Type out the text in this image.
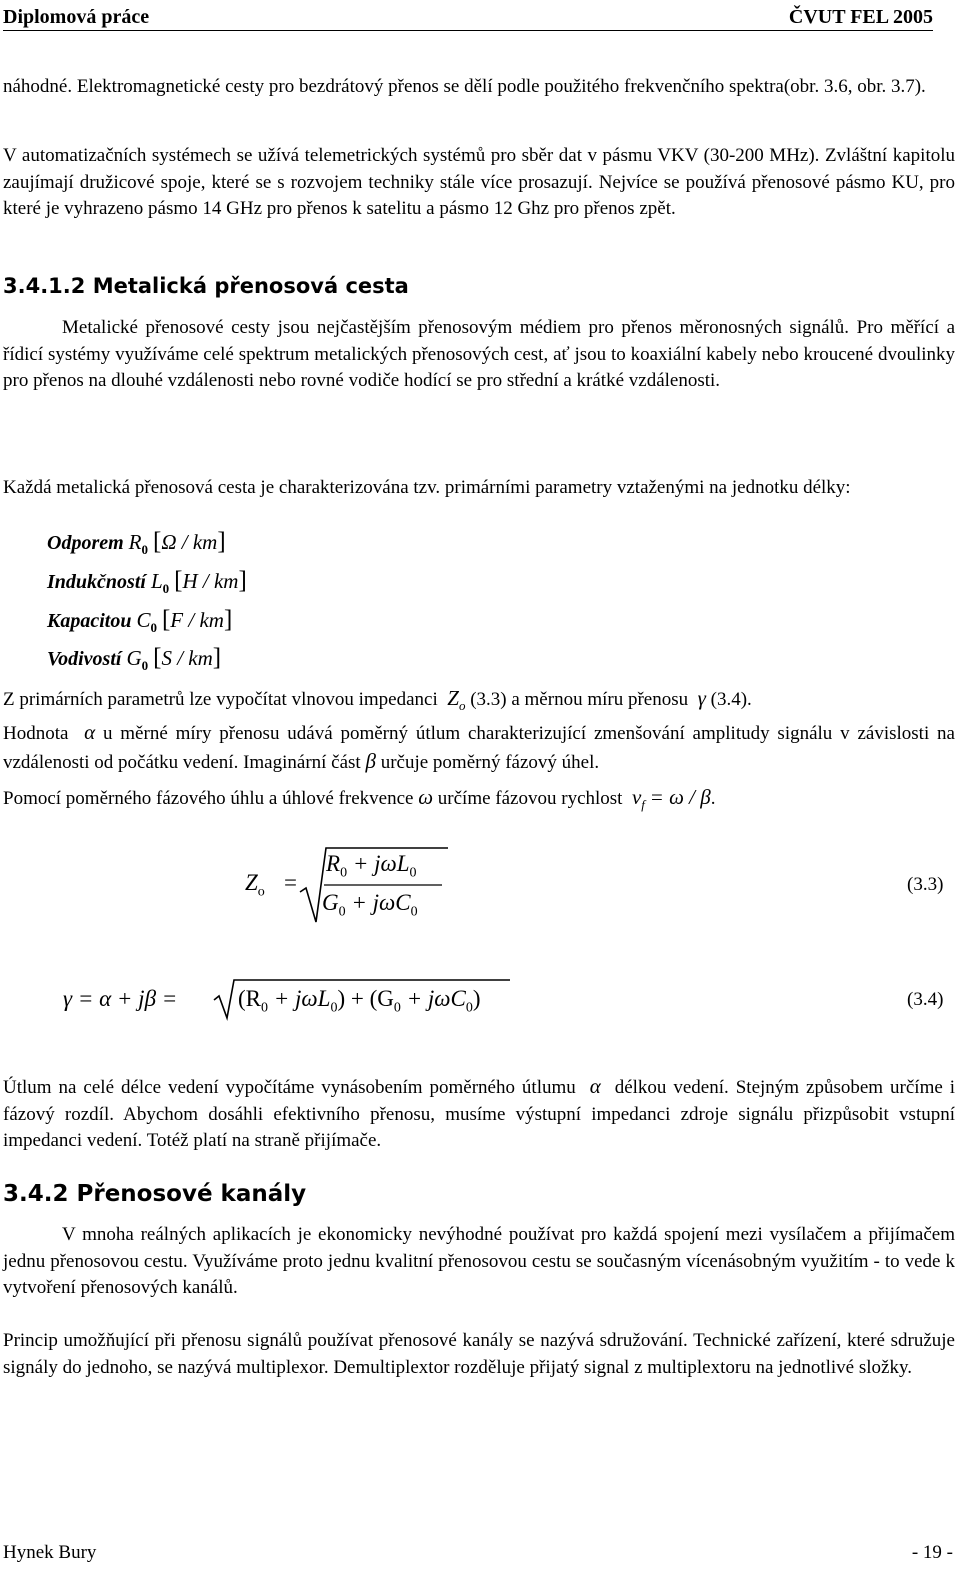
Diplomová práce	ČVUT FEL 2005

náhodné. Elektromagnetické cesty pro bezdrátový přenos se dělí podle použitého frekvenčního spektra(obr. 3.6, obr. 3.7).

V automatizačních systémech se užívá telemetrických systémů pro sběr dat v pásmu VKV (30-200 MHz). Zvláštní kapitolu zaujímají družicové spoje, které se s rozvojem techniky stále více prosazují. Nejvíce se používá přenosové pásmo KU, pro které je vyhrazeno pásmo 14 GHz pro přenos k satelitu a pásmo 12 Ghz pro přenos zpět.

3.4.1.2 Metalická přenosová cesta

Metalické přenosové cesty jsou nejčastějším přenosovým médiem pro přenos měronosných signálů. Pro měřící a řídicí systémy využíváme celé spektrum metalických přenosových cest, ať jsou to koaxiální kabely nebo kroucené dvoulinky pro přenos na dlouhé vzdálenosti nebo rovné vodiče hodící se pro střední a krátké vzdálenosti.

Každá metalická přenosová cesta je charakterizována tzv. primárními parametry vztaženými na jednotku délky:

Odporem $R_0$ [Ω / km]
Indukčností $L_0$ [H / km]
Kapacitou $C_0$ [F / km]
Vodivostí $G_0$ [S / km]
Z primárních parametrů lze vypočítat vlnovou impedanci $Z_o$ (3.3) a měrnou míru přenosu γ (3.4).

Hodnota α u měrné míry přenosu udává poměrný útlum charakterizující zmenšování amplitudy signálu v závislosti na vzdálenosti od počátku vedení. Imaginární část β určuje poměrný fázový úhel.

Pomocí poměrného fázového úhlu a úhlové frekvence ω určíme fázovou rychlost $v_f = \omega / \beta$.
$Z_o$ =
$R_0 + j\omega L_0$
$G_0 + j\omega C_0$
(3.3)
γ = α + jβ =	$(R_0 + j\omega L_0) + (G_0 + j\omega C_0)$	(3.4)

Útlum na celé délce vedení vypočítáme vynásobením poměrného útlumu α délkou vedení. Stejným způsobem určíme i fázový rozdíl. Abychom dosáhli efektivního přenosu, musíme výstupní impedanci zdroje signálu přizpůsobit vstupní impedanci vedení. Totéž platí na straně přijímače.

3.4.2 Přenosové kanály

V mnoha reálných aplikacích je ekonomicky nevýhodné používat pro každá spojení mezi vysílačem a přijímačem jednu přenosovou cestu. Využíváme proto jednu kvalitní přenosovou cestu se současným vícenásobným využitím - to vede k vytvoření přenosových kanálů.

Princip umožňující při přenosu signálů používat přenosové kanály se nazývá sdružování. Technické zařízení, které sdružuje signály do jednoho, se nazývá multiplexor. Demultiplextor rozděluje přijatý signal z multiplextoru na jednotlivé složky.

Hynek Bury	- 19 -
